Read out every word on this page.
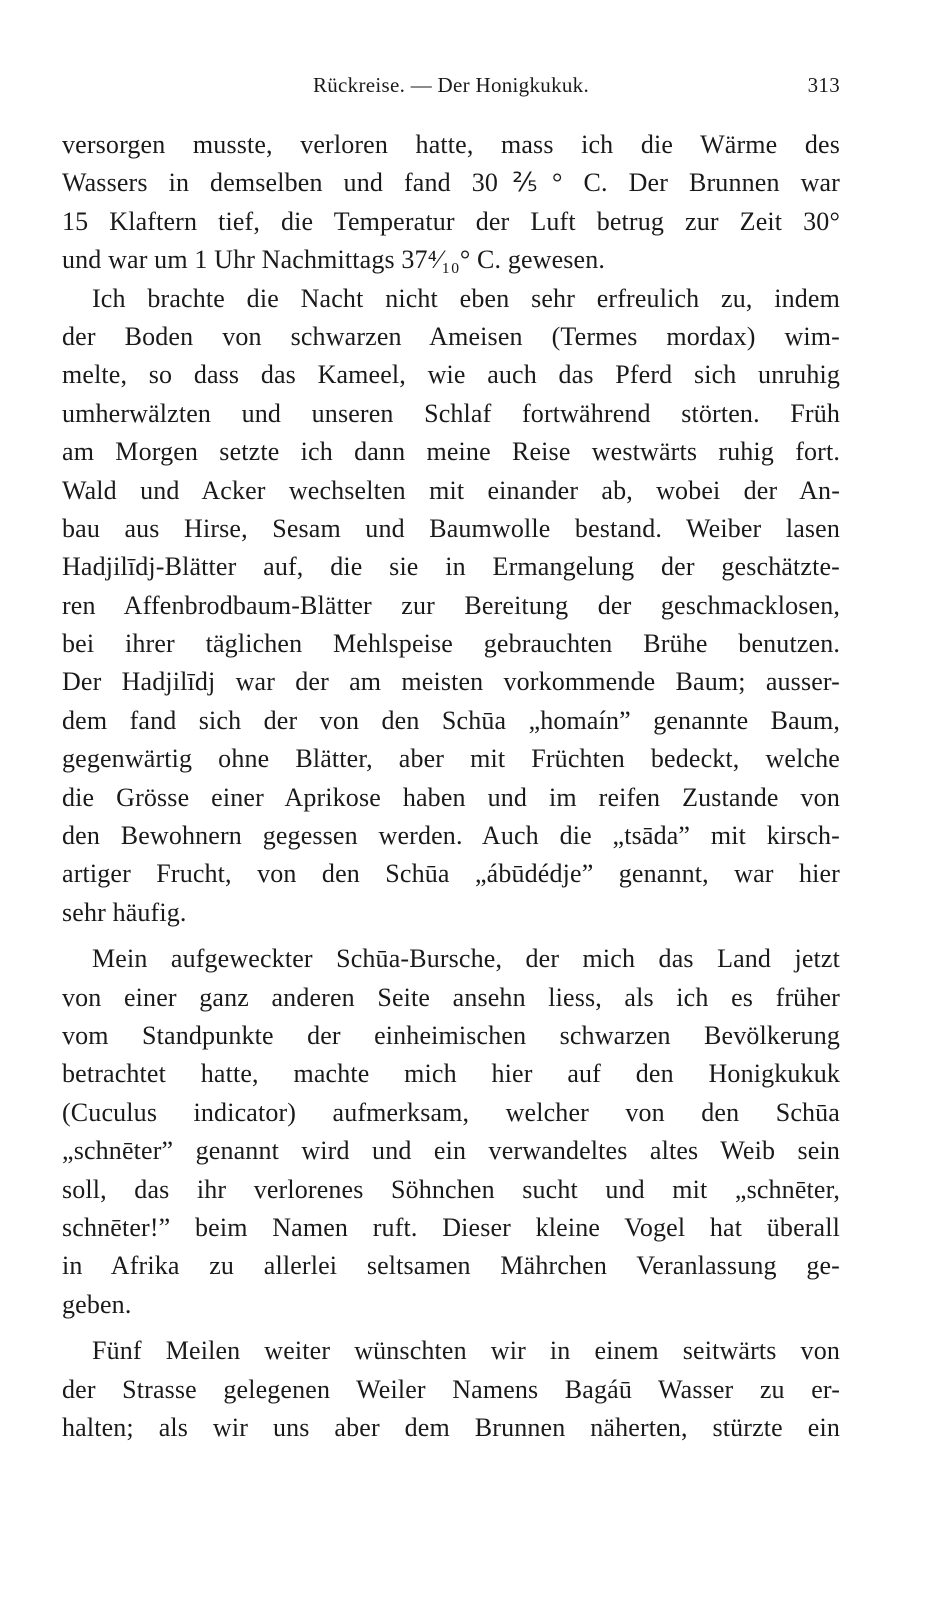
Rückreise. — Der Honigkukuk.	313
versorgen musste, verloren hatte, mass ich die Wärme des
Wassers in demselben und fand 30⅖° C. Der Brunnen war
15 Klaftern tief, die Temperatur der Luft betrug zur Zeit 30°
und war um 1 Uhr Nachmittags 37⁴⁄₁₀° C. gewesen.
Ich brachte die Nacht nicht eben sehr erfreulich zu, indem
der Boden von schwarzen Ameisen (Termes mordax) wim-
melte, so dass das Kameel, wie auch das Pferd sich unruhig
umherwälzten und unseren Schlaf fortwährend störten. Früh
am Morgen setzte ich dann meine Reise westwärts ruhig fort.
Wald und Acker wechselten mit einander ab, wobei der An-
bau aus Hirse, Sesam und Baumwolle bestand. Weiber lasen
Hadjilīdj-Blätter auf, die sie in Ermangelung der geschätzte-
ren Affenbrodbaum-Blätter zur Bereitung der geschmacklosen,
bei ihrer täglichen Mehlspeise gebrauchten Brühe benutzen.
Der Hadjilīdj war der am meisten vorkommende Baum; ausser-
dem fand sich der von den Schūa „homaín” genannte Baum,
gegenwärtig ohne Blätter, aber mit Früchten bedeckt, welche
die Grösse einer Aprikose haben und im reifen Zustande von
den Bewohnern gegessen werden. Auch die „tsāda” mit kirsch-
artiger Frucht, von den Schūa „ábūdédje” genannt, war hier
sehr häufig.
Mein aufgeweckter Schūa-Bursche, der mich das Land jetzt
von einer ganz anderen Seite ansehn liess, als ich es früher
vom Standpunkte der einheimischen schwarzen Bevölkerung
betrachtet hatte, machte mich hier auf den Honigkukuk
(Cuculus indicator) aufmerksam, welcher von den Schūa
„schnēter” genannt wird und ein verwandeltes altes Weib sein
soll, das ihr verlorenes Söhnchen sucht und mit „schnēter,
schnēter!” beim Namen ruft. Dieser kleine Vogel hat überall
in Afrika zu allerlei seltsamen Mährchen Veranlassung ge-
geben.
Fünf Meilen weiter wünschten wir in einem seitwärts von
der Strasse gelegenen Weiler Namens Bagáū Wasser zu er-
halten; als wir uns aber dem Brunnen näherten, stürzte ein
